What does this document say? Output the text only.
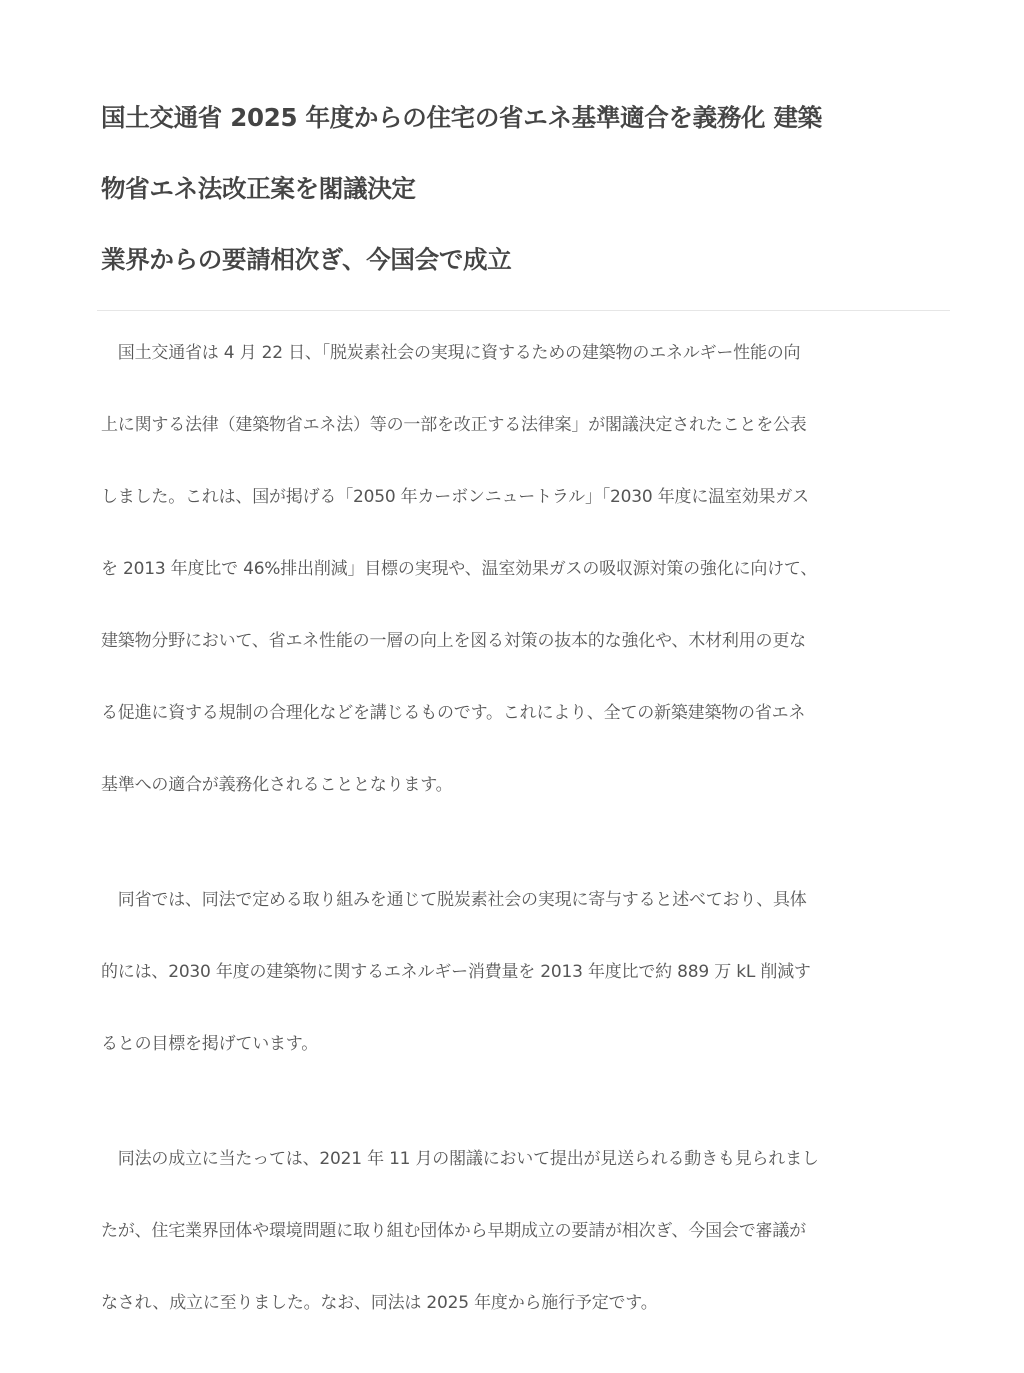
国土交通省 2025 年度からの住宅の省エネ基準適合を義務化 建築
物省エネ法改正案を閣議決定
業界からの要請相次ぎ、今国会で成立
　国土交通省は 4 月 22 日、「脱炭素社会の実現に資するための建築物のエネルギー性能の向
上に関する法律（建築物省エネ法）等の一部を改正する法律案」が閣議決定されたことを公表
しました。これは、国が掲げる「2050 年カーボンニュートラル」「2030 年度に温室効果ガス
を 2013 年度比で 46%排出削減」目標の実現や、温室効果ガスの吸収源対策の強化に向けて、
建築物分野において、省エネ性能の一層の向上を図る対策の抜本的な強化や、木材利用の更な
る促進に資する規制の合理化などを講じるものです。これにより、全ての新築建築物の省エネ
基準への適合が義務化されることとなります。
　同省では、同法で定める取り組みを通じて脱炭素社会の実現に寄与すると述べており、具体
的には、2030 年度の建築物に関するエネルギー消費量を 2013 年度比で約 889 万 kL 削減す
るとの目標を掲げています。
　同法の成立に当たっては、2021 年 11 月の閣議において提出が見送られる動きも見られまし
たが、住宅業界団体や環境問題に取り組む団体から早期成立の要請が相次ぎ、今国会で審議が
なされ、成立に至りました。なお、同法は 2025 年度から施行予定です。
